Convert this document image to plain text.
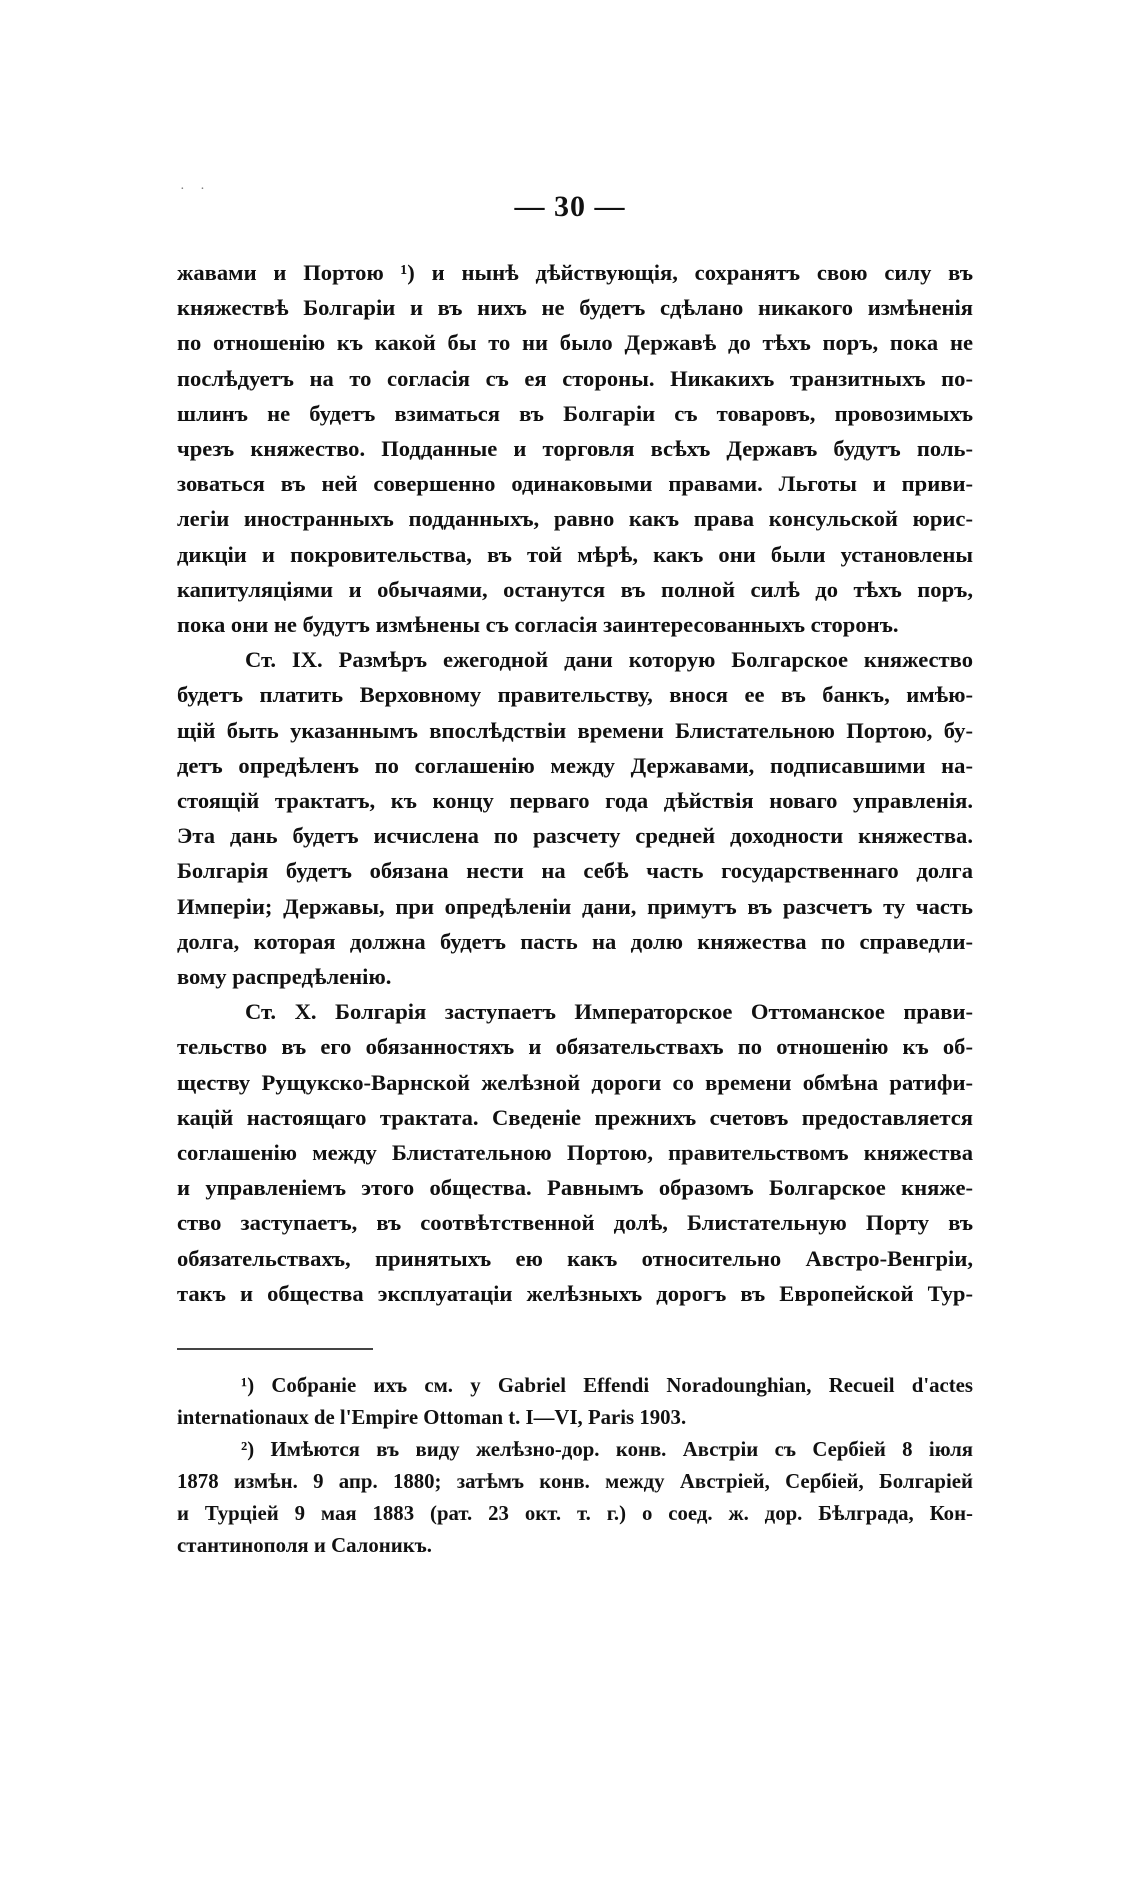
· ·
— 30 —
жавами и Портою ¹) и нынѣ дѣйствующія, сохранятъ свою силу въ
княжествѣ Болгаріи и въ нихъ не будетъ сдѣлано никакого измѣненія
по отношенію къ какой бы то ни было Державѣ до тѣхъ поръ, пока не
послѣдуетъ на то согласія съ ея стороны. Никакихъ транзитныхъ по-
шлинъ не будетъ взиматься въ Болгаріи съ товаровъ, провозимыхъ
чрезъ княжество. Подданные и торговля всѣхъ Державъ будутъ поль-
зоваться въ ней совершенно одинаковыми правами. Льготы и приви-
легіи иностранныхъ подданныхъ, равно какъ права консульской юрис-
дикціи и покровительства, въ той мѣрѣ, какъ они были установлены
капитуляціями и обычаями, останутся въ полной силѣ до тѣхъ поръ,
пока они не будутъ измѣнены съ согласія заинтересованныхъ сторонъ.
Ст. IX. Размѣръ ежегодной дани которую Болгарское княжество
будетъ платить Верховному правительству, внося ее въ банкъ, имѣю-
щій быть указаннымъ впослѣдствіи времени Блистательною Портою, бу-
детъ опредѣленъ по соглашенію между Державами, подписавшими на-
стоящій трактатъ, къ концу перваго года дѣйствія новаго управленія.
Эта дань будетъ исчислена по разсчету средней доходности княжества.
Болгарія будетъ обязана нести на себѣ часть государственнаго долга
Имперіи; Державы, при опредѣленіи дани, примутъ въ разсчетъ ту часть
долга, которая должна будетъ пасть на долю княжества по справедли-
вому распредѣленію.
Ст. X. Болгарія заступаетъ Императорское Оттоманское прави-
тельство въ его обязанностяхъ и обязательствахъ по отношенію къ об-
ществу Рущукско-Варнской желѣзной дороги со времени обмѣна ратифи-
кацій настоящаго трактата. Сведеніе прежнихъ счетовъ предоставляется
соглашенію между Блистательною Портою, правительствомъ княжества
и управленіемъ этого общества. Равнымъ образомъ Болгарское княже-
ство заступаетъ, въ соотвѣтственной долѣ, Блистательную Порту въ
обязательствахъ, принятыхъ ею какъ относительно Австро-Венгріи,
такъ и общества эксплуатаціи желѣзныхъ дорогъ въ Европейской Тур-
¹) Собраніе ихъ см. у Gabriel Effendi Noradounghian, Recueil d'actes
internationaux de l'Empire Ottoman t. I—VI, Paris 1903.
²) Имѣются въ виду желѣзно-дор. конв. Австріи съ Сербіей 8 іюля
1878 измѣн. 9 апр. 1880; затѣмъ конв. между Австріей, Сербіей, Болгаріей
и Турціей 9 мая 1883 (рат. 23 окт. т. г.) о соед. ж. дор. Бѣлграда, Кон-
стантинополя и Салоникъ.
